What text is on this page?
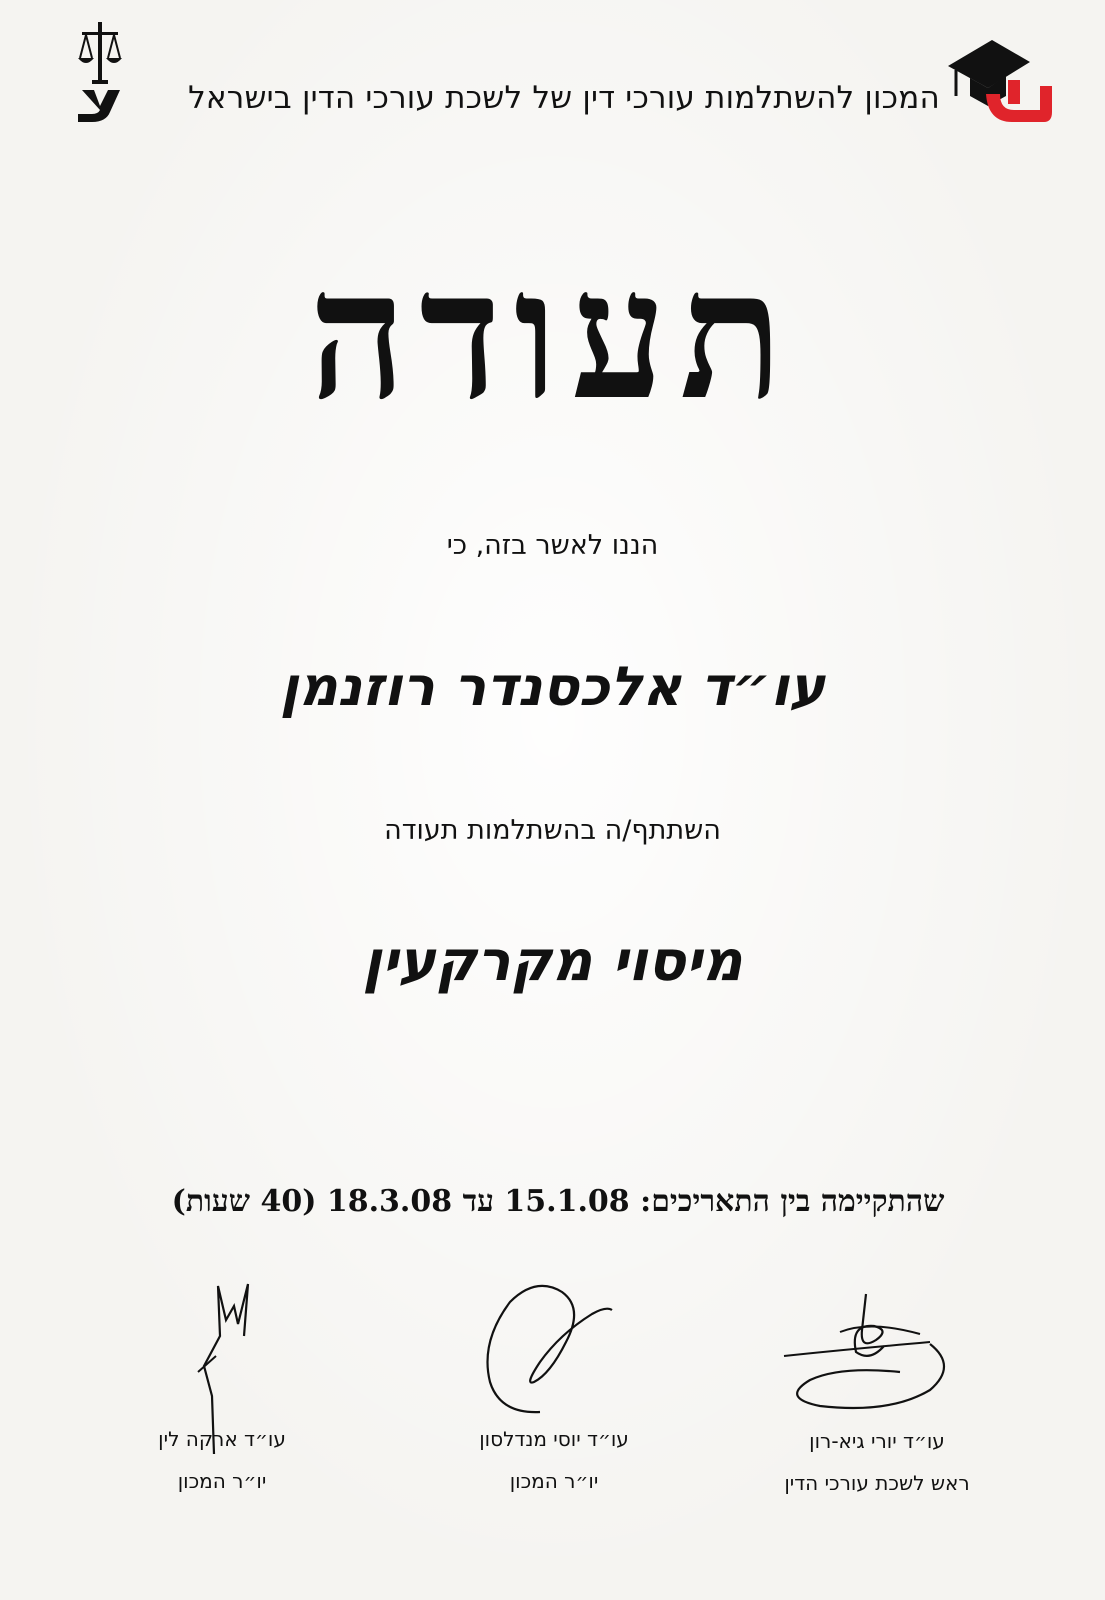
המכון להשתלמות עורכי דין של לשכת עורכי הדין בישראל
תעודה
הננו לאשר בזה, כי
עו״ד אלכסנדר רוזנמן
השתתף/ה בהשתלמות תעודה
מיסוי מקרקעין
שהתקיימה בין התאריכים: 15.1.08 עד 18.3.08 (40 שעות)
עו״ד יורי גיא-רון
ראש לשכת עורכי הדין
עו״ד יוסי מנדלסון
יו״ר המכון
עו״ד ארקה לין
יו״ר המכון
